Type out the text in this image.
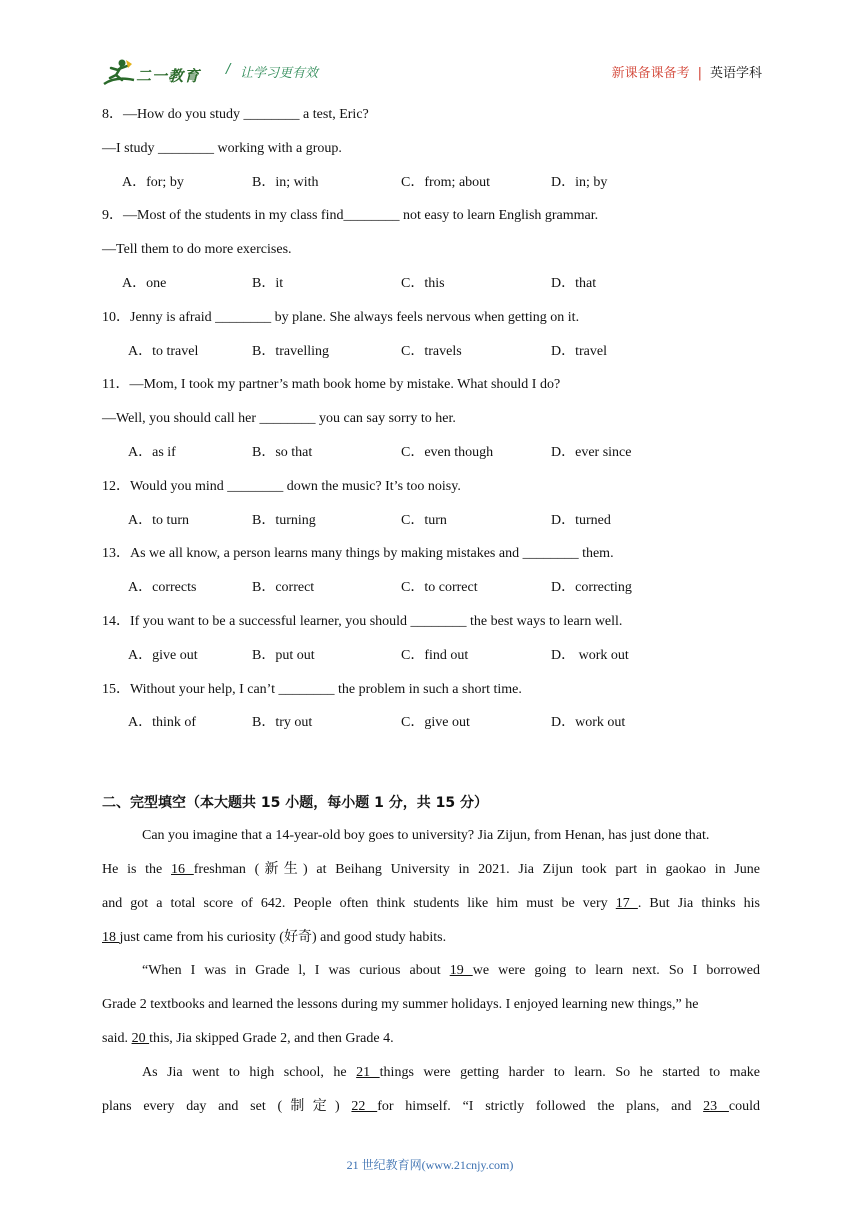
二一教育 / 让学习更有效	新课备课备考 | 英语学科
8．—How do you study ________ a test, Eric?
—I study ________ working with a group.
A．for; by	B．in; with	C．from; about	D．in; by
9．—Most of the students in my class find________ not easy to learn English grammar.
—Tell them to do more exercises.
A．one	B．it	C．this	D．that
10．Jenny is afraid ________ by plane. She always feels nervous when getting on it.
A．to travel	B．travelling	C．travels	D．travel
11．—Mom, I took my partner’s math book home by mistake. What should I do?
—Well, you should call her ________ you can say sorry to her.
A．as if	B．so that	C．even though	D．ever since
12．Would you mind ________ down the music? It’s too noisy.
A．to turn	B．turning	C．turn	D．turned
13．As we all know, a person learns many things by making mistakes and ________ them.
A．corrects	B．correct	C．to correct	D．correcting
14．If you want to be a successful learner, you should ________ the best ways to learn well.
A．give out	B．put out	C．find out	D． work out
15．Without your help, I can’t ________ the problem in such a short time.
A．think of	B．try out	C．give out	D．work out
二、完型填空（本大题共 15 小题，每小题 1 分，共 15 分）
Can you imagine that a 14-year-old boy goes to university? Jia Zijun, from Henan, has just done that.
He is the 16 freshman (新生) at Beihang University in 2021. Jia Zijun took part in gaokao in June
and got a total score of 642. People often think students like him must be very 17 . But Jia thinks his
18 just came from his curiosity (好奇) and good study habits.
“When I was in Grade l, I was curious about 19 we were going to learn next. So I borrowed
Grade 2 textbooks and learned the lessons during my summer holidays. I enjoyed learning new things,” he
said. 20 this, Jia skipped Grade 2, and then Grade 4.
As Jia went to high school, he 21 things were getting harder to learn. So he started to make
plans every day and set (制定) 22 for himself. “I strictly followed the plans, and 23 could
21 世纪教育网(www.21cnjy.com)
